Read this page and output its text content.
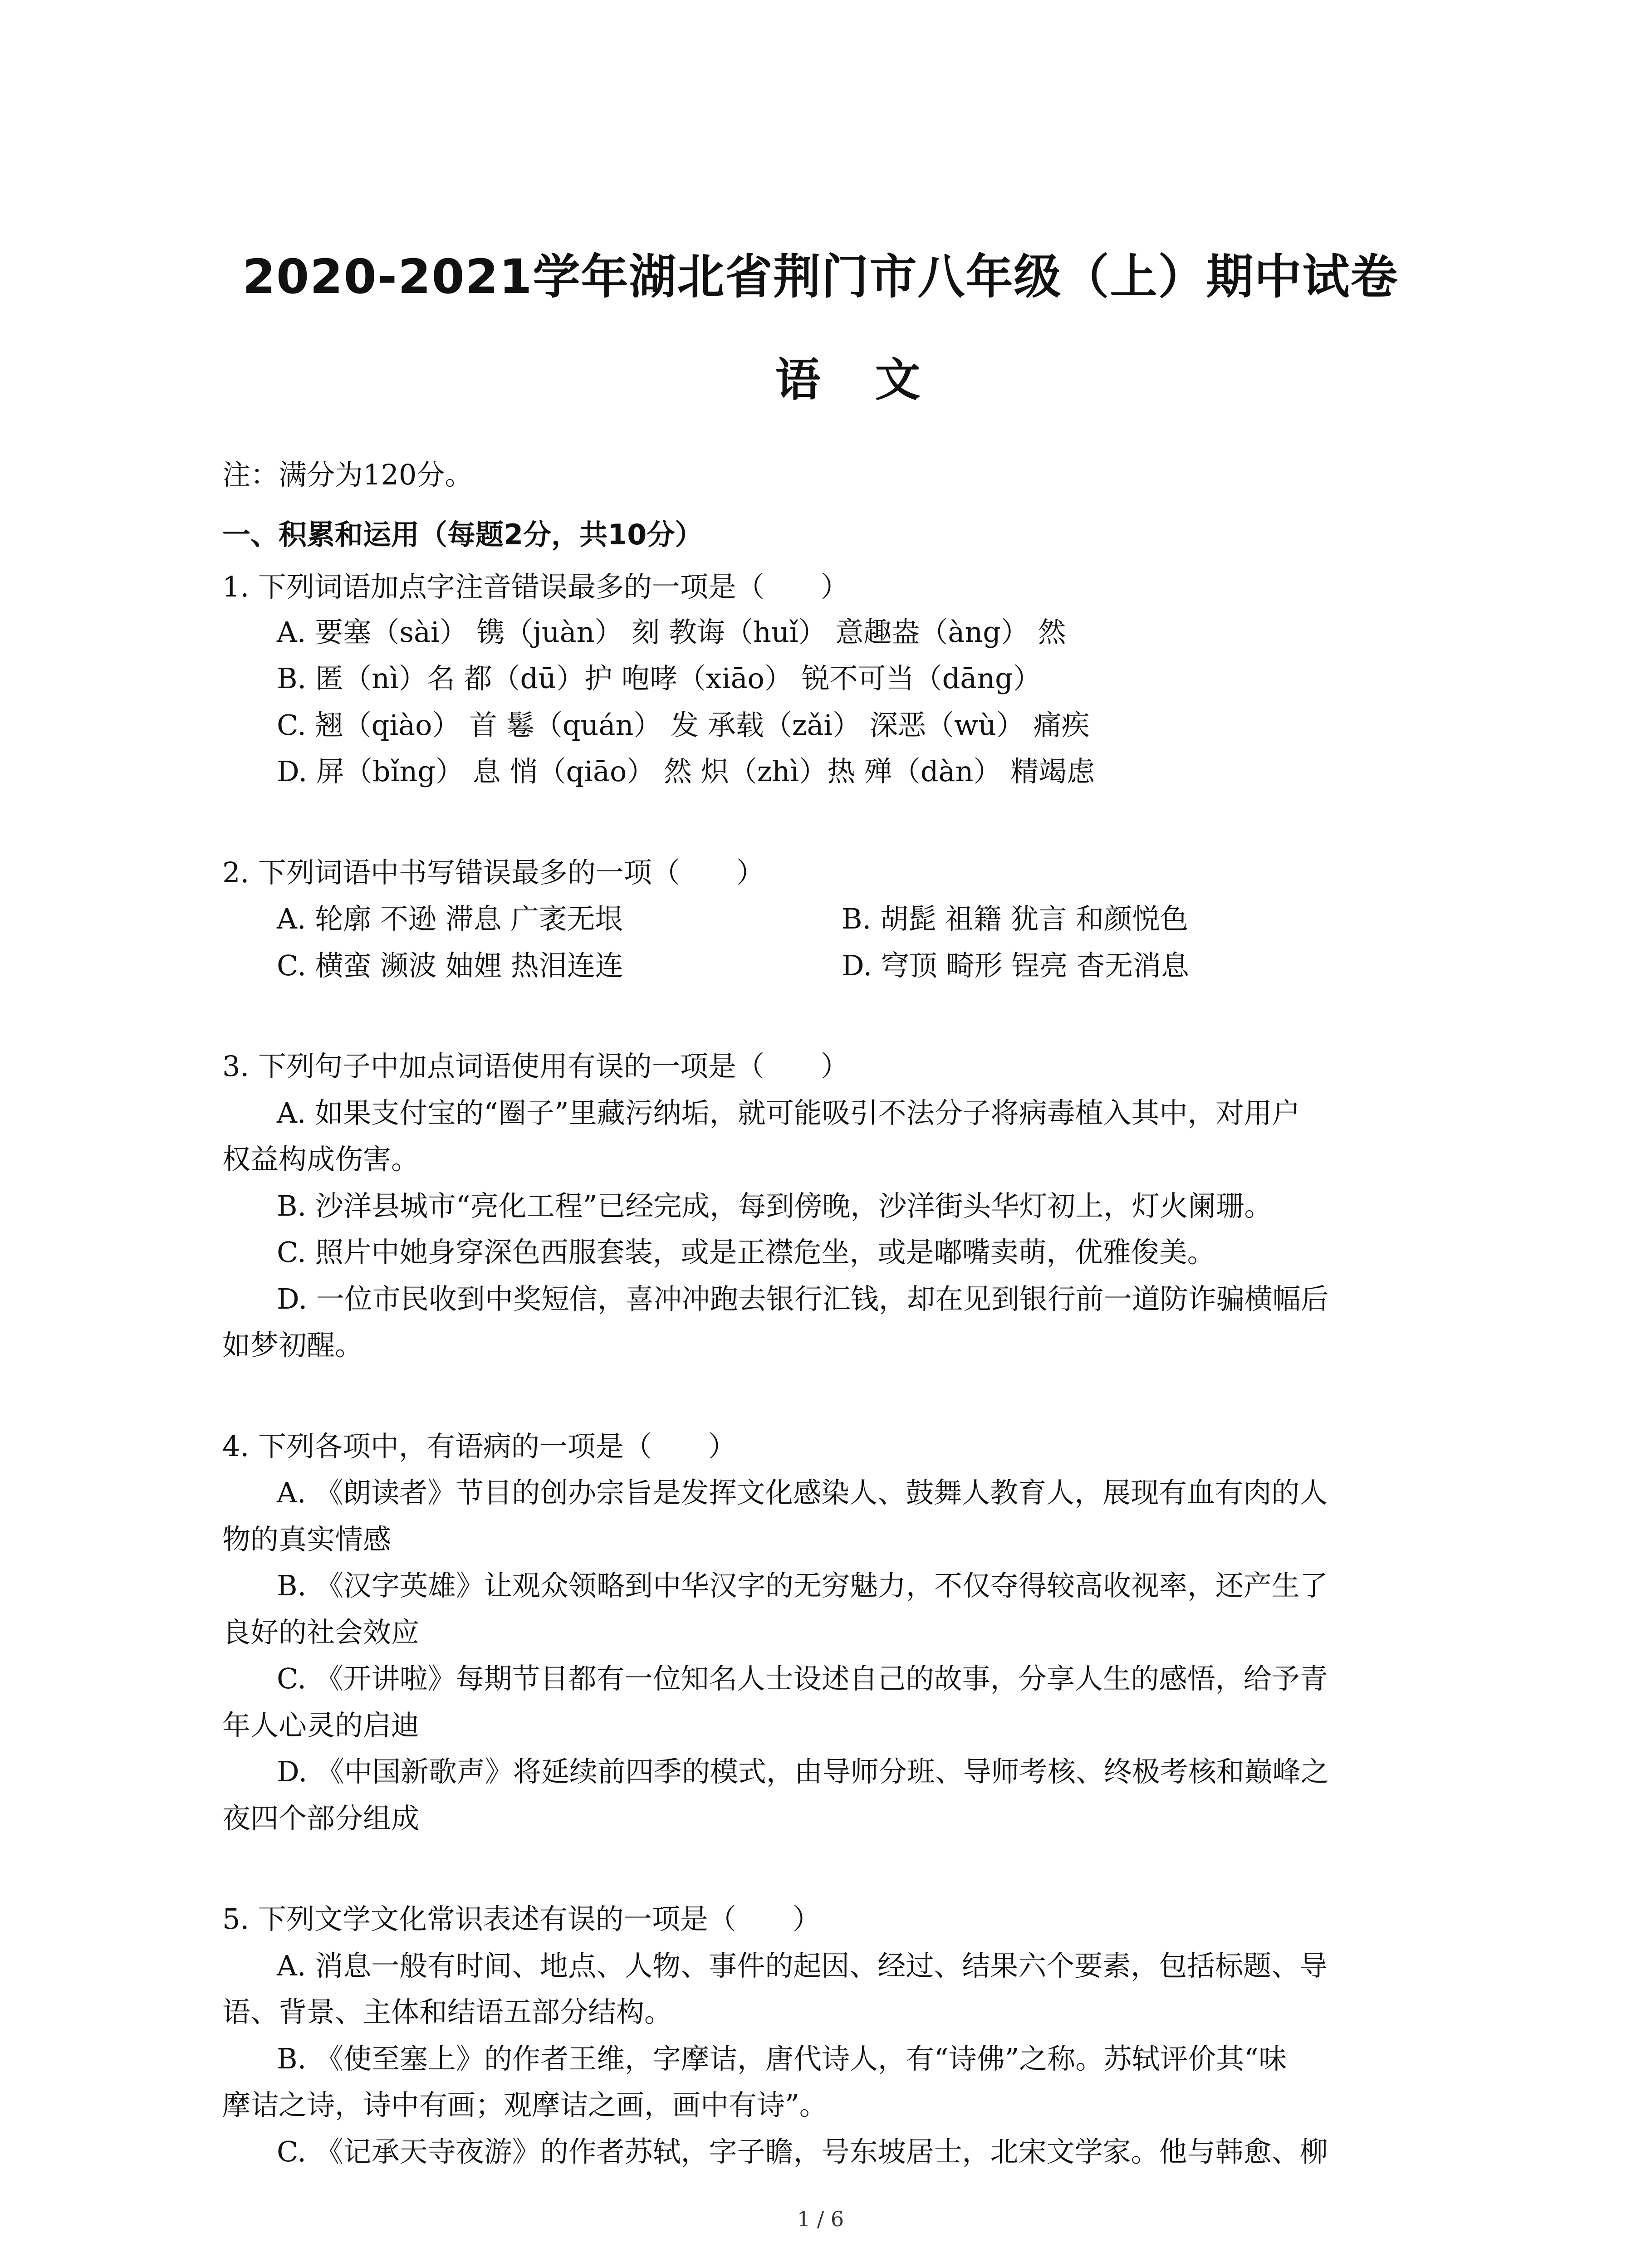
2020-2021学年湖北省荆门市八年级（上）期中试卷
语文
注：满分为120分。
一、积累和运用（每题2分，共10分）
1. 下列词语加点字注音错误最多的一项是（　　）
A. 要塞（sài） 镌（juàn） 刻 教诲（huǐ） 意趣盎（àng） 然
B. 匿（nì）名 都（dū）护 咆哮（xiāo） 锐不可当（dāng）
C. 翘（qiào） 首 鬈（quán） 发 承载（zǎi） 深恶（wù） 痛疾
D. 屏（bǐng） 息 悄（qiāo） 然 炽（zhì）热 殚（dàn） 精竭虑
2. 下列词语中书写错误最多的一项（　　）
A. 轮廓 不逊 滞息 广袤无垠	B. 胡髭 祖籍 犹言 和颜悦色
C. 横蛮 濒波 妯娌 热泪连连	D. 穹顶 畸形 锃亮 杳无消息
3. 下列句子中加点词语使用有误的一项是（　　）
A. 如果支付宝的“圈子”里藏污纳垢，就可能吸引不法分子将病毒植入其中，对用户
权益构成伤害。
B. 沙洋县城市“亮化工程”已经完成，每到傍晚，沙洋街头华灯初上，灯火阑珊。
C. 照片中她身穿深色西服套装，或是正襟危坐，或是嘟嘴卖萌，优雅俊美。
D. 一位市民收到中奖短信，喜冲冲跑去银行汇钱，却在见到银行前一道防诈骗横幅后
如梦初醒。
4. 下列各项中，有语病的一项是（　　）
A. 《朗读者》节目的创办宗旨是发挥文化感染人、鼓舞人教育人，展现有血有肉的人
物的真实情感
B. 《汉字英雄》让观众领略到中华汉字的无穷魅力，不仅夺得较高收视率，还产生了
良好的社会效应
C. 《开讲啦》每期节目都有一位知名人士设述自己的故事，分享人生的感悟，给予青
年人心灵的启迪
D. 《中国新歌声》将延续前四季的模式，由导师分班、导师考核、终极考核和巅峰之
夜四个部分组成
5. 下列文学文化常识表述有误的一项是（　　）
A. 消息一般有时间、地点、人物、事件的起因、经过、结果六个要素，包括标题、导
语、背景、主体和结语五部分结构。
B. 《使至塞上》的作者王维，字摩诘，唐代诗人，有“诗佛”之称。苏轼评价其“味
摩诘之诗，诗中有画；观摩诘之画，画中有诗”。
C. 《记承天寺夜游》的作者苏轼，字子瞻，号东坡居士，北宋文学家。他与韩愈、柳
1 / 6
